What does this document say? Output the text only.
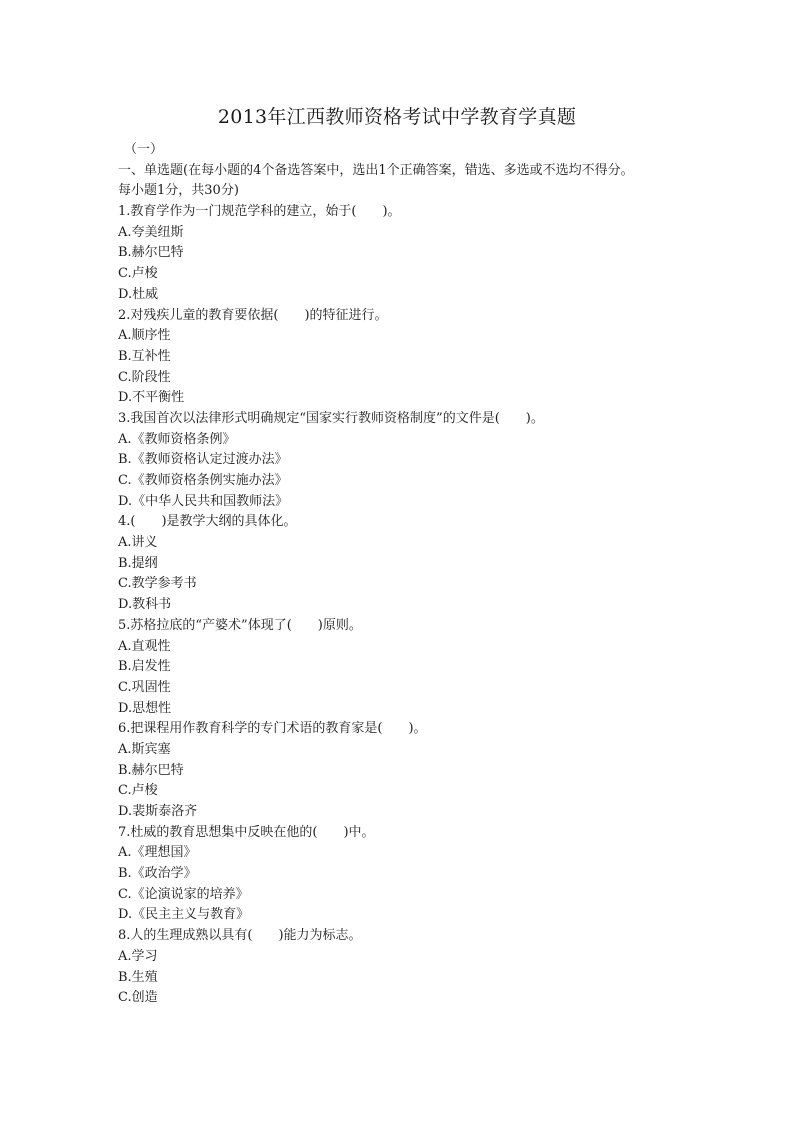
2013年江西教师资格考试中学教育学真题
（一）
一、单选题(在每小题的4个备选答案中，选出1个正确答案，错选、多选或不选均不得分。
每小题1分，共30分)
1.教育学作为一门规范学科的建立，始于(　　)。
A.夸美纽斯
B.赫尔巴特
C.卢梭
D.杜威
2.对残疾儿童的教育要依据(　　)的特征进行。
A.顺序性
B.互补性
C.阶段性
D.不平衡性
3.我国首次以法律形式明确规定“国家实行教师资格制度”的文件是(　　)。
A.《教师资格条例》
B.《教师资格认定过渡办法》
C.《教师资格条例实施办法》
D.《中华人民共和国教师法》
4.(　　)是教学大纲的具体化。
A.讲义
B.提纲
C.教学参考书
D.教科书
5.苏格拉底的“产婆术”体现了(　　)原则。
A.直观性
B.启发性
C.巩固性
D.思想性
6.把课程用作教育科学的专门术语的教育家是(　　)。
A.斯宾塞
B.赫尔巴特
C.卢梭
D.裴斯泰洛齐
7.杜威的教育思想集中反映在他的(　　)中。
A.《理想国》
B.《政治学》
C.《论演说家的培养》
D.《民主主义与教育》
8.人的生理成熟以具有(　　)能力为标志。
A.学习
B.生殖
C.创造
